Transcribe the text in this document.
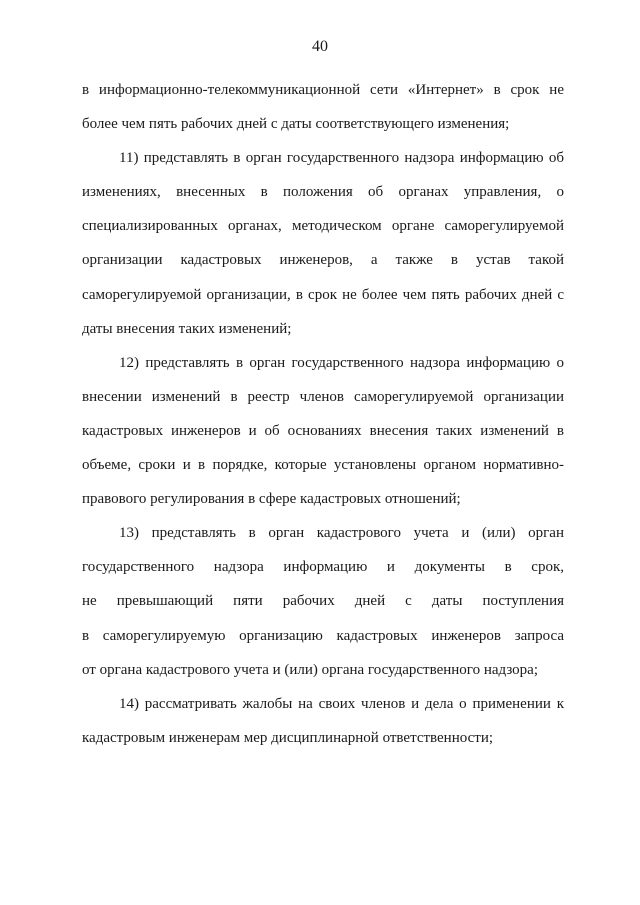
40
в информационно-телекоммуникационной сети «Интернет» в срок не
более чем пять рабочих дней с даты соответствующего изменения;
11) представлять в орган государственного надзора информацию об
изменениях, внесенных в положения об органах управления, о
специализированных органах, методическом органе саморегулируемой
организации кадастровых инженеров, а также в устав такой
саморегулируемой организации, в срок не более чем пять рабочих дней с
даты внесения таких изменений;
12) представлять в орган государственного надзора информацию о
внесении изменений в реестр членов саморегулируемой организации
кадастровых инженеров и об основаниях внесения таких изменений в
объеме, сроки и в порядке, которые установлены органом нормативно-
правового регулирования в сфере кадастровых отношений;
13) представлять в орган кадастрового учета и (или) орган
государственного надзора информацию и документы в срок,
не превышающий пяти рабочих дней с даты поступления
в саморегулируемую организацию кадастровых инженеров запроса
от органа кадастрового учета и (или) органа государственного надзора;
14) рассматривать жалобы на своих членов и дела о применении к
кадастровым инженерам мер дисциплинарной ответственности;
